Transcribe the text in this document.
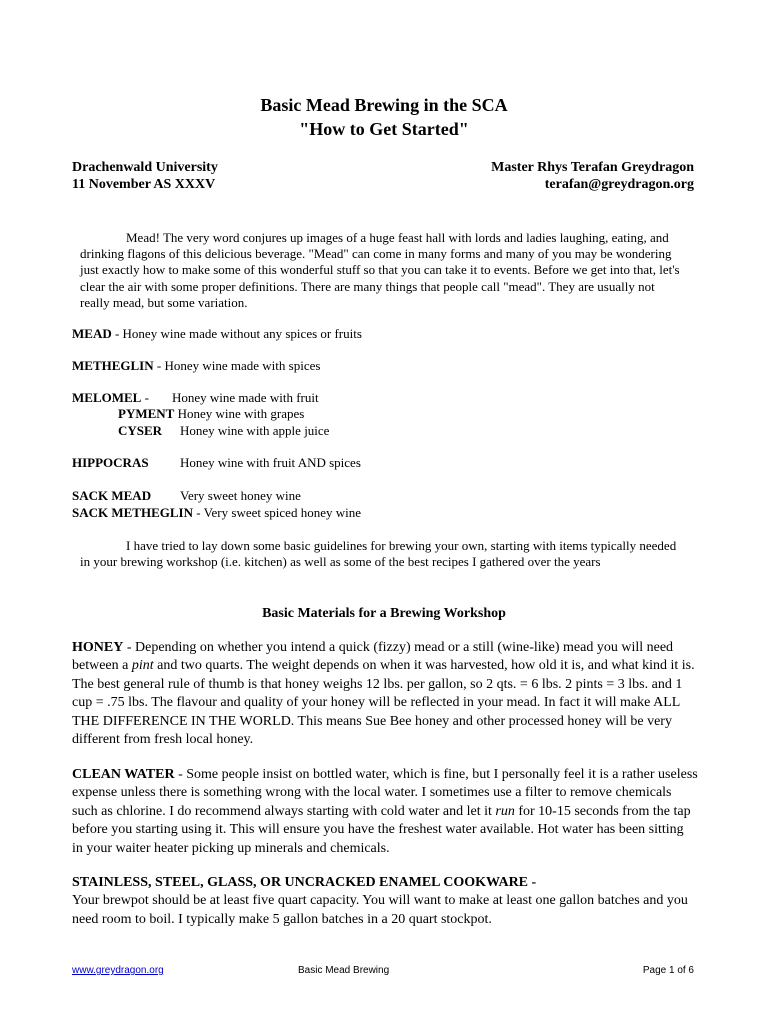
Basic Mead Brewing in the SCA
"How to Get Started"
Drachenwald University
11 November AS XXXV
Master Rhys Terafan Greydragon
terafan@greydragon.org
Mead! The very word conjures up images of a huge feast hall with lords and ladies laughing, eating, and drinking flagons of this delicious beverage. "Mead" can come in many forms and many of you may be wondering just exactly how to make some of this wonderful stuff so that you can take it to events. Before we get into that, let's clear the air with some proper definitions. There are many things that people call "mead". They are usually not really mead, but some variation.
MEAD - Honey wine made without any spices or fruits
METHEGLIN - Honey wine made with spices
MELOMEL - Honey wine made with fruit
PYMENT Honey wine with grapes
CYSER Honey wine with apple juice
HIPPOCRAS Honey wine with fruit AND spices
SACK MEAD Very sweet honey wine
SACK METHEGLIN - Very sweet spiced honey wine
I have tried to lay down some basic guidelines for brewing your own, starting with items typically needed in your brewing workshop (i.e. kitchen) as well as some of the best recipes I gathered over the years
Basic Materials for a Brewing Workshop
HONEY - Depending on whether you intend a quick (fizzy) mead or a still (wine-like) mead you will need between a pint and two quarts. The weight depends on when it was harvested, how old it is, and what kind it is. The best general rule of thumb is that honey weighs 12 lbs. per gallon, so 2 qts. = 6 lbs. 2 pints = 3 lbs. and 1 cup = .75 lbs. The flavour and quality of your honey will be reflected in your mead. In fact it will make ALL THE DIFFERENCE IN THE WORLD. This means Sue Bee honey and other processed honey will be very different from fresh local honey.
CLEAN WATER - Some people insist on bottled water, which is fine, but I personally feel it is a rather useless expense unless there is something wrong with the local water. I sometimes use a filter to remove chemicals such as chlorine. I do recommend always starting with cold water and let it run for 10-15 seconds from the tap before you starting using it. This will ensure you have the freshest water available. Hot water has been sitting in your waiter heater picking up minerals and chemicals.
STAINLESS, STEEL, GLASS, OR UNCRACKED ENAMEL COOKWARE -
Your brewpot should be at least five quart capacity. You will want to make at least one gallon batches and you need room to boil. I typically make 5 gallon batches in a 20 quart stockpot.
www.greydragon.org	Basic Mead Brewing	Page 1 of 6
